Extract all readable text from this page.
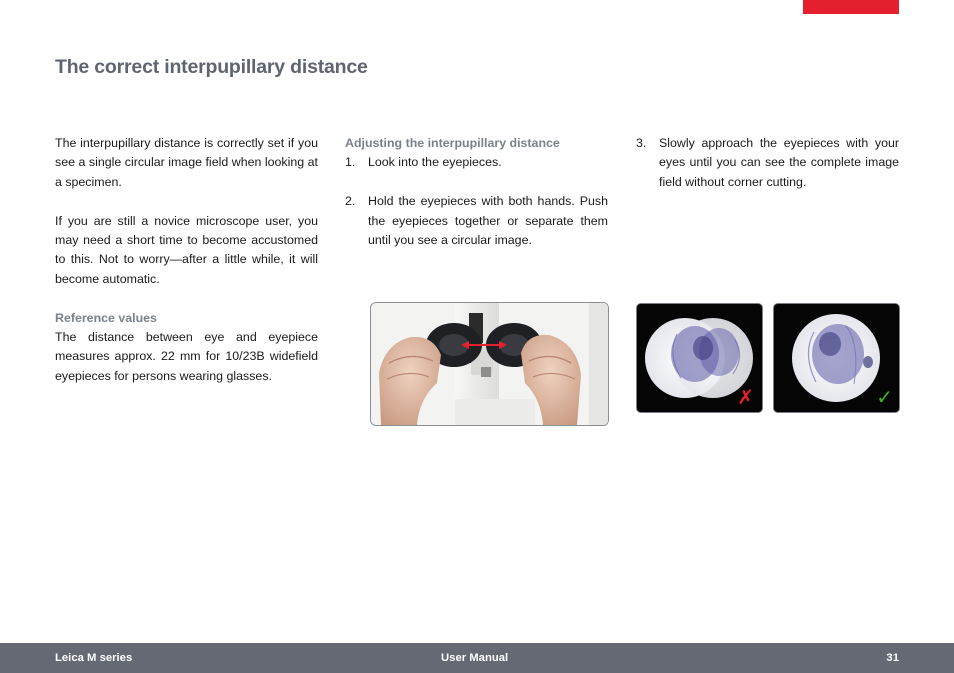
The correct interpupillary distance

The interpupillary distance is correctly set if you see a single circular image field when looking at a specimen.

If you are still a novice microscope user, you may need a short time to become accustomed to this. Not to worry—after a little while, it will become automatic.

Reference values

The distance between eye and eyepiece measures approx. 22 mm for 10/23B widefield eyepieces for persons wearing glasses.

Adjusting the interpupillary distance
1.	Look into the eyepieces.
2.	Hold the eyepieces with both hands. Push the eyepieces together or separate them until you see a circular image.
3.	Slowly approach the eyepieces with your eyes until you can see the complete image field without corner cutting.
✗	✓
Leica M series	User Manual	31
